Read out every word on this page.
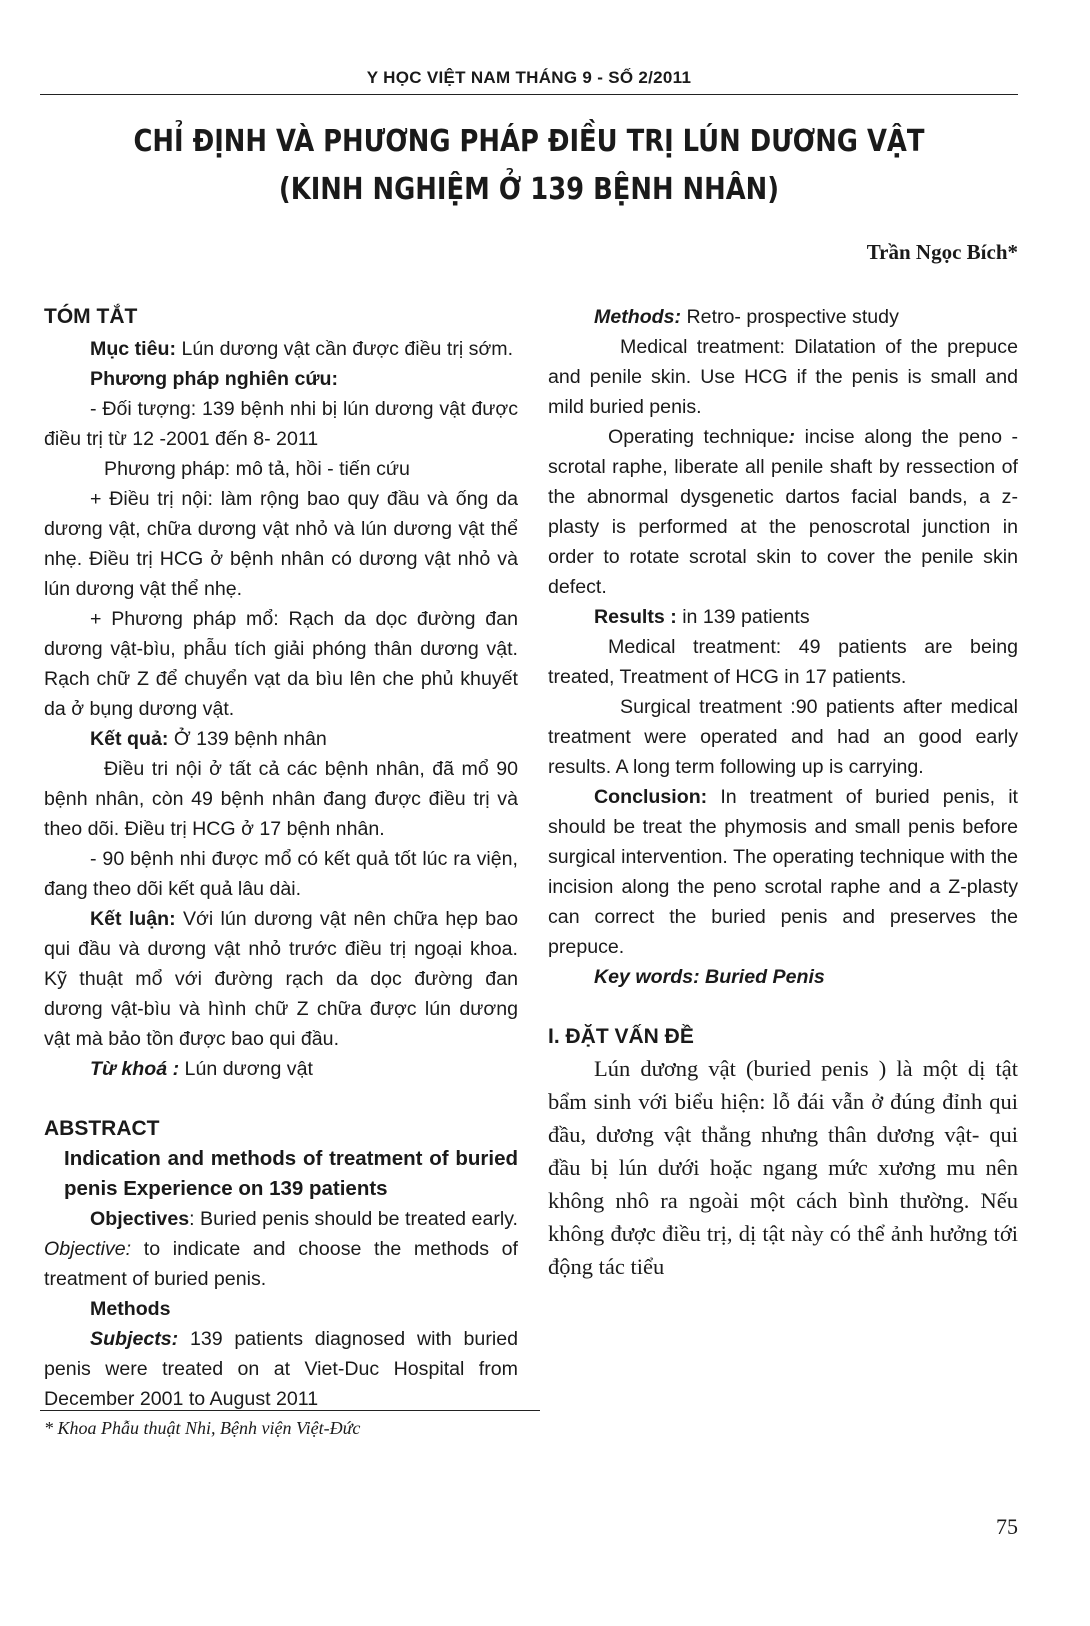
Y HỌC VIỆT NAM THÁNG 9 - SỐ 2/2011
CHỈ ĐỊNH VÀ PHƯƠNG PHÁP ĐIỀU TRỊ LÚN DƯƠNG VẬT
(KINH NGHIỆM Ở 139 BỆNH NHÂN)
Trần Ngọc Bích*
TÓM TẮT

Mục tiêu: Lún dương vật cần được điều trị sớm.

Phương pháp nghiên cứu:

- Đối tượng: 139 bệnh nhi bị lún dương vật được điều trị từ 12 -2001 đến 8- 2011

Phương pháp: mô tả, hồi - tiến cứu

+ Điều trị nội: làm rộng bao quy đầu và ống da dương vật, chữa dương vật nhỏ và lún dương vật thể nhẹ. Điều trị HCG ở bệnh nhân có dương vật nhỏ và lún dương vật thể nhẹ.

+ Phương pháp mổ: Rạch da dọc đường đan dương vật-bìu, phẫu tích giải phóng thân dương vật. Rạch chữ Z để chuyển vạt da bìu lên che phủ khuyết da ở bụng dương vật.

Kết quả: Ở 139 bệnh nhân

Điều tri nội ở tất cả các bệnh nhân, đã mổ 90 bệnh nhân, còn 49 bệnh nhân đang được điều trị và theo dõi. Điều trị HCG ở 17 bệnh nhân.

- 90 bệnh nhi được mổ có kết quả tốt lúc ra viện, đang theo dõi kết quả lâu dài.

Kết luận: Với lún dương vật nên chữa hẹp bao qui đầu và dương vật nhỏ trước điều trị ngoại khoa. Kỹ thuật mổ với đường rạch da dọc đường đan dương vật-bìu và hình chữ Z chữa được lún dương vật mà bảo tồn được bao qui đầu.

Từ khoá : Lún dương vật

ABSTRACT

Indication and methods of treatment of buried penis Experience on 139 patients

Objectives: Buried penis should be treated early. Objective: to indicate and choose the methods of treatment of buried penis.

Methods

Subjects: 139 patients diagnosed with buried penis were treated on at Viet-Duc Hospital from December 2001 to August 2011

Methods: Retro- prospective study

Medical treatment: Dilatation of the prepuce and penile skin. Use HCG if the penis is small and mild buried penis.

Operating technique: incise along the peno -scrotal raphe, liberate all penile shaft by ressection of the abnormal dysgenetic dartos facial bands, a z-plasty is performed at the penoscrotal junction in order to rotate scrotal skin to cover the penile skin defect.

Results : in 139 patients

Medical treatment: 49 patients are being treated, Treatment of HCG in 17 patients.

Surgical treatment :90 patients after medical treatment were operated and had an good early results. A long term following up is carrying.

Conclusion: In treatment of buried penis, it should be treat the phymosis and small penis before surgical intervention. The operating technique with the incision along the peno scrotal raphe and a Z-plasty can correct the buried penis and preserves the prepuce.

Key words: Buried Penis

I. ĐẶT VẤN ĐỀ

Lún dương vật (buried penis ) là một dị tật bẩm sinh với biểu hiện: lỗ đái vẫn ở đúng đỉnh qui đầu, dương vật thẳng nhưng thân dương vật- qui đầu bị lún dưới hoặc ngang mức xương mu nên không nhô ra ngoài một cách bình thường. Nếu không được điều trị, dị tật này có thể ảnh hưởng tới động tác tiểu

* Khoa Phẫu thuật Nhi, Bệnh viện Việt-Đức
75
